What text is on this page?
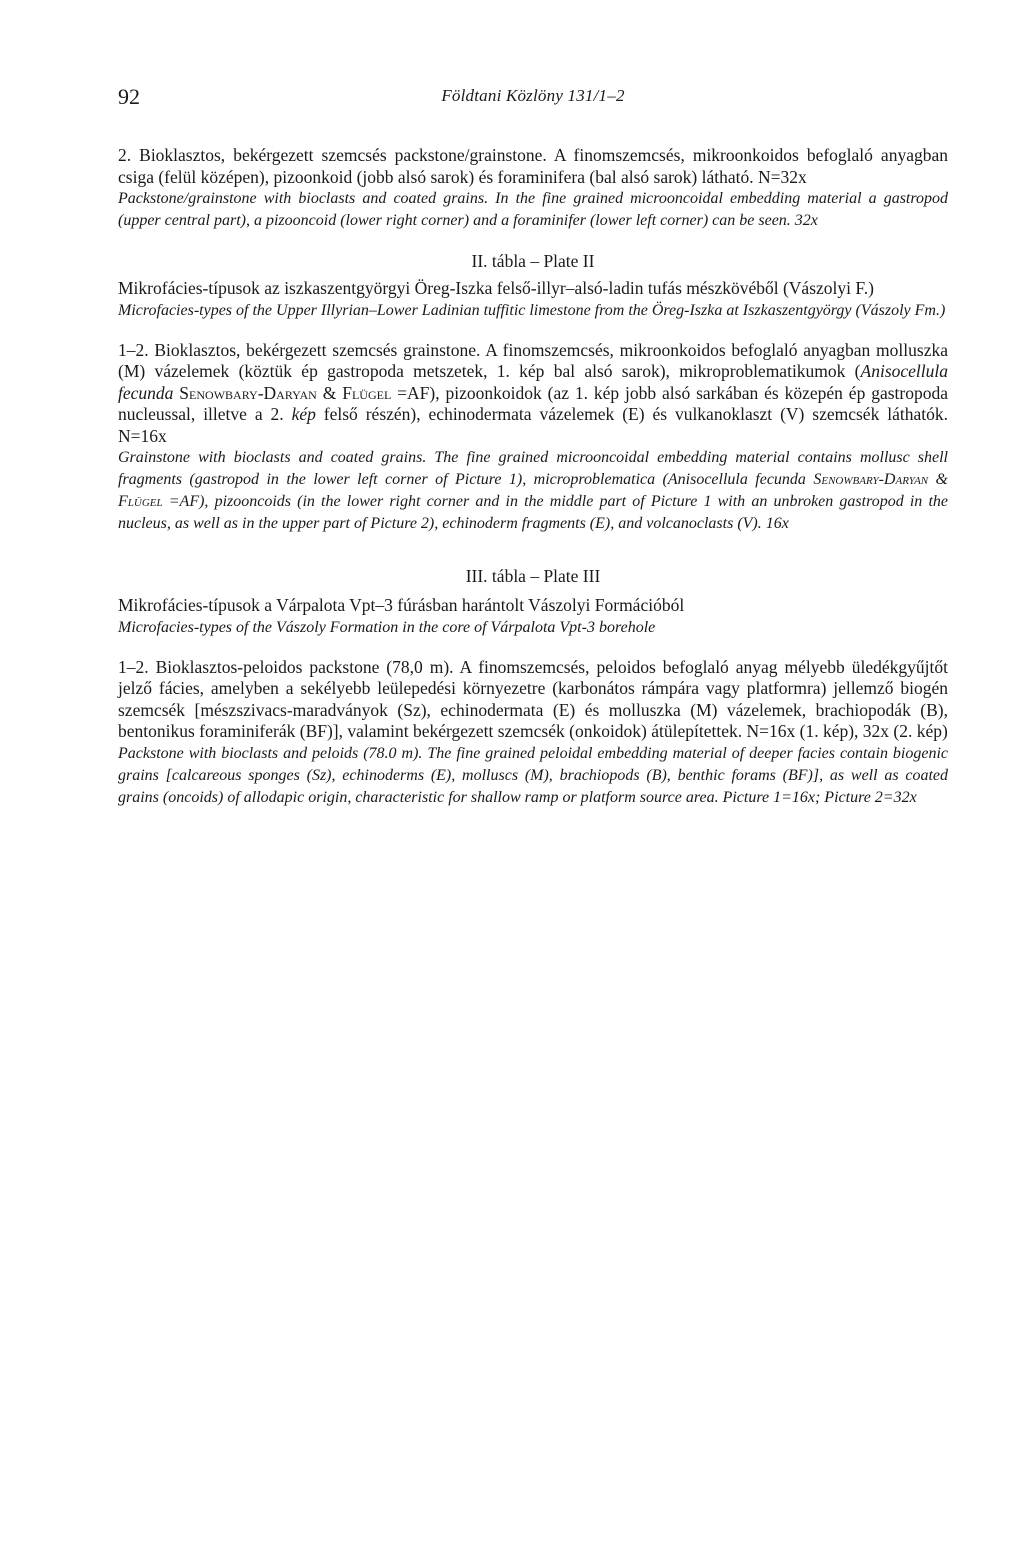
92	Földtani Közlöny 131/1–2

2. Bioklasztos, bekérgezett szemcsés packstone/grainstone. A finomszemcsés, mikroonkoidos befoglaló anyagban csiga (felül középen), pizoonkoid (jobb alsó sarok) és foraminifera (bal alsó sarok) látható. N=32x

Packstone/grainstone with bioclasts and coated grains. In the fine grained microoncoidal embedding material a gastropod (upper central part), a pizooncoid (lower right corner) and a foraminifer (lower left corner) can be seen. 32x

II. tábla – Plate II

Mikrofácies-típusok az iszkaszentgyörgyi Öreg-Iszka felső-illyr–alsó-ladin tufás mészkövéből (Vászolyi F.)

Microfacies-types of the Upper Illyrian–Lower Ladinian tuffitic limestone from the Öreg-Iszka at Iszkaszentgyörgy (Vászoly Fm.)

1–2. Bioklasztos, bekérgezett szemcsés grainstone. A finomszemcsés, mikroonkoidos befoglaló anyagban molluszka (M) vázelemek (köztük ép gastropoda metszetek, 1. kép bal alsó sarok), mikroproblematikumok (Anisocellula fecunda Senowbary-Daryan & Flügel =AF), pizoonkoidok (az 1. kép jobb alsó sarkában és közepén ép gastropoda nucleussal, illetve a 2. kép felső részén), echinodermata vázelemek (E) és vulkanoklaszt (V) szemcsék láthatók. N=16x

Grainstone with bioclasts and coated grains. The fine grained microoncoidal embedding material contains mollusc shell fragments (gastropod in the lower left corner of Picture 1), microproblematica (Anisocellula fecunda Senowbary-Daryan & Flügel =AF), pizooncoids (in the lower right corner and in the middle part of Picture 1 with an unbroken gastropod in the nucleus, as well as in the upper part of Picture 2), echinoderm fragments (E), and volcanoclasts (V). 16x

III. tábla – Plate III

Mikrofácies-típusok a Várpalota Vpt–3 fúrásban harántolt Vászolyi Formációból

Microfacies-types of the Vászoly Formation in the core of Várpalota Vpt-3 borehole

1–2. Bioklasztos-peloidos packstone (78,0 m). A finomszemcsés, peloidos befoglaló anyag mélyebb üledékgyűjtőt jelző fácies, amelyben a sekélyebb leülepedési környezetre (karbonátos rámpára vagy platformra) jellemző biogén szemcsék [mészszivacs-maradványok (Sz), echinodermata (E) és molluszka (M) vázelemek, brachiopodák (B), bentonikus foraminiferák (BF)], valamint bekérgezett szemcsék (onkoidok) átülepítettek. N=16x (1. kép), 32x (2. kép)

Packstone with bioclasts and peloids (78.0 m). The fine grained peloidal embedding material of deeper facies contain biogenic grains [calcareous sponges (Sz), echinoderms (E), molluscs (M), brachiopods (B), benthic forams (BF)], as well as coated grains (oncoids) of allodapic origin, characteristic for shallow ramp or platform source area. Picture 1=16x; Picture 2=32x
